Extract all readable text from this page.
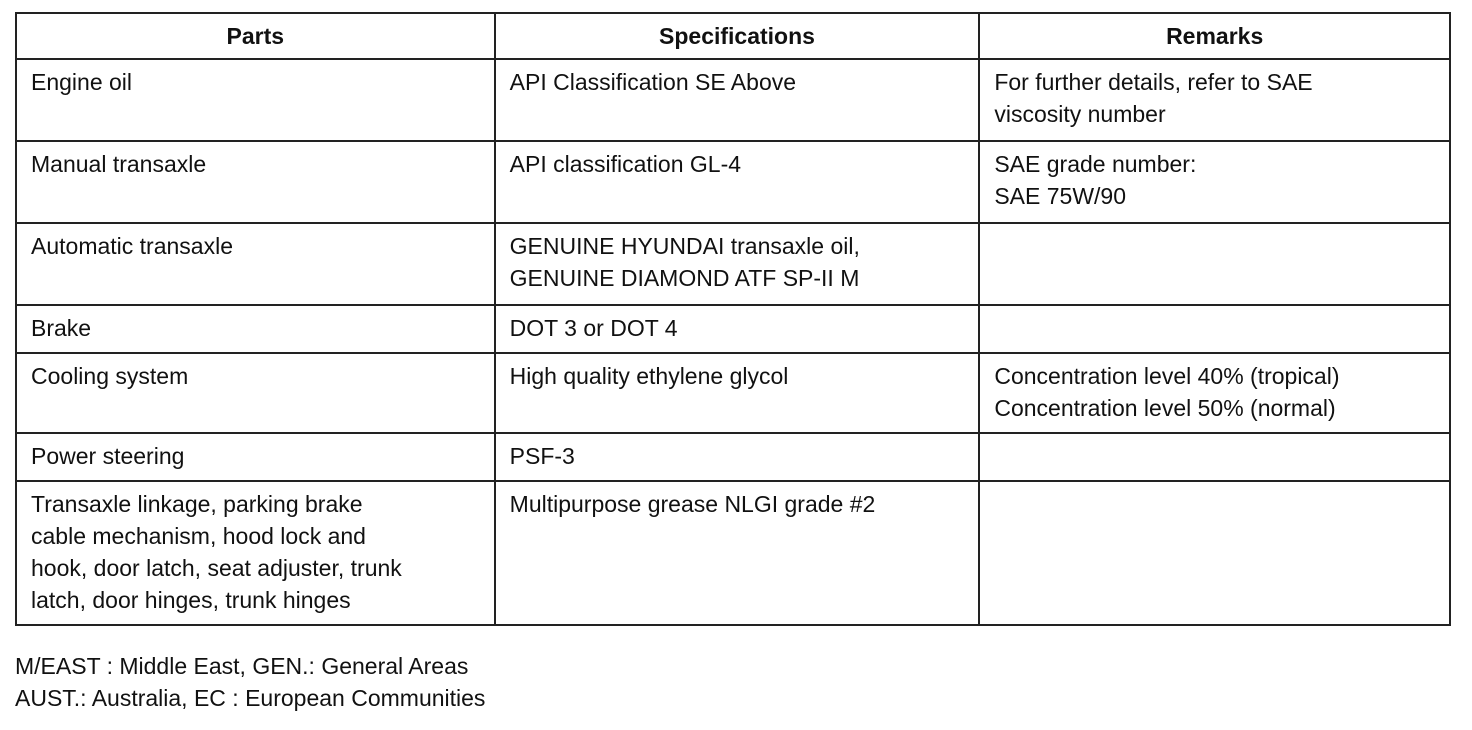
Parts	Specifications	Remarks

Engine oil	API Classification SE Above	For further details, refer to SAE
viscosity number

Manual transaxle	API classification GL-4	SAE grade number:
SAE 75W/90

Automatic transaxle	GENUINE HYUNDAI transaxle oil,
GENUINE DIAMOND ATF SP-II M	

Brake	DOT 3 or DOT 4	

Cooling system	High quality ethylene glycol	Concentration level 40% (tropical)
Concentration level 50% (normal)

Power steering	PSF-3	

Transaxle linkage, parking brake
cable mechanism, hood lock and
hook, door latch, seat adjuster, trunk
latch, door hinges, trunk hinges	Multipurpose grease NLGI grade #2	

M/EAST : Middle East, GEN.: General Areas
AUST.: Australia, EC : European Communities
